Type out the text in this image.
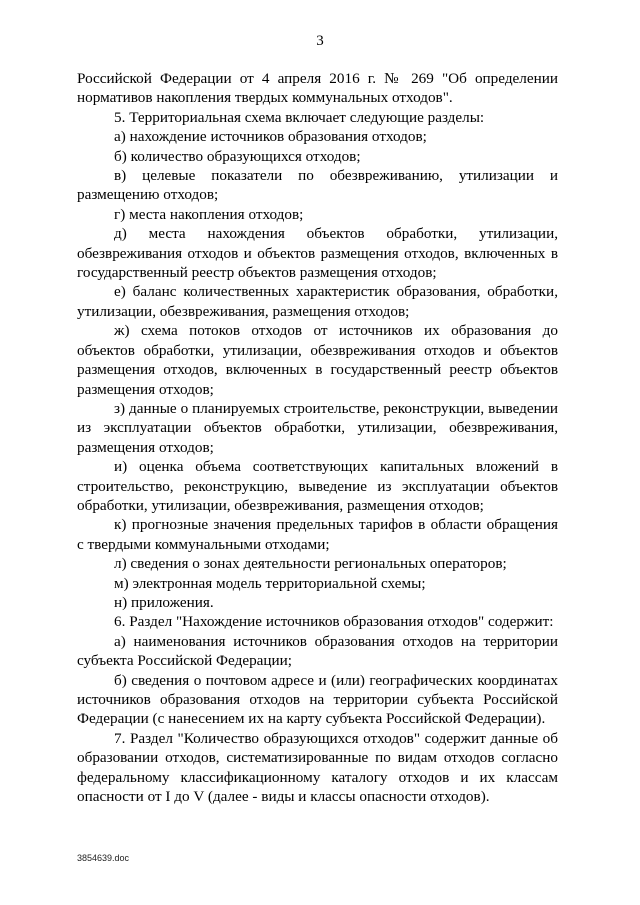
3

Российской Федерации от 4 апреля 2016 г. № 269 "Об определении нормативов накопления твердых коммунальных отходов".

5. Территориальная схема включает следующие разделы:

а) нахождение источников образования отходов;

б) количество образующихся отходов;

в) целевые показатели по обезвреживанию, утилизации и размещению отходов;

г) места накопления отходов;

д) места нахождения объектов обработки, утилизации, обезвреживания отходов и объектов размещения отходов, включенных в государственный реестр объектов размещения отходов;

е) баланс количественных характеристик образования, обработки, утилизации, обезвреживания, размещения отходов;

ж) схема потоков отходов от источников их образования до объектов обработки, утилизации, обезвреживания отходов и объектов размещения отходов, включенных в государственный реестр объектов размещения отходов;

з) данные о планируемых строительстве, реконструкции, выведении из эксплуатации объектов обработки, утилизации, обезвреживания, размещения отходов;

и) оценка объема соответствующих капитальных вложений в строительство, реконструкцию, выведение из эксплуатации объектов обработки, утилизации, обезвреживания, размещения отходов;

к) прогнозные значения предельных тарифов в области обращения с твердыми коммунальными отходами;

л) сведения о зонах деятельности региональных операторов;

м) электронная модель территориальной схемы;

н) приложения.

6. Раздел "Нахождение источников образования отходов" содержит:

а) наименования источников образования отходов на территории субъекта Российской Федерации;

б) сведения о почтовом адресе и (или) географических координатах источников образования отходов на территории субъекта Российской Федерации (с нанесением их на карту субъекта Российской Федерации).

7. Раздел "Количество образующихся отходов" содержит данные об образовании отходов, систематизированные по видам отходов согласно федеральному классификационному каталогу отходов и их классам опасности от I до V (далее - виды и классы опасности отходов).

3854639.doc
